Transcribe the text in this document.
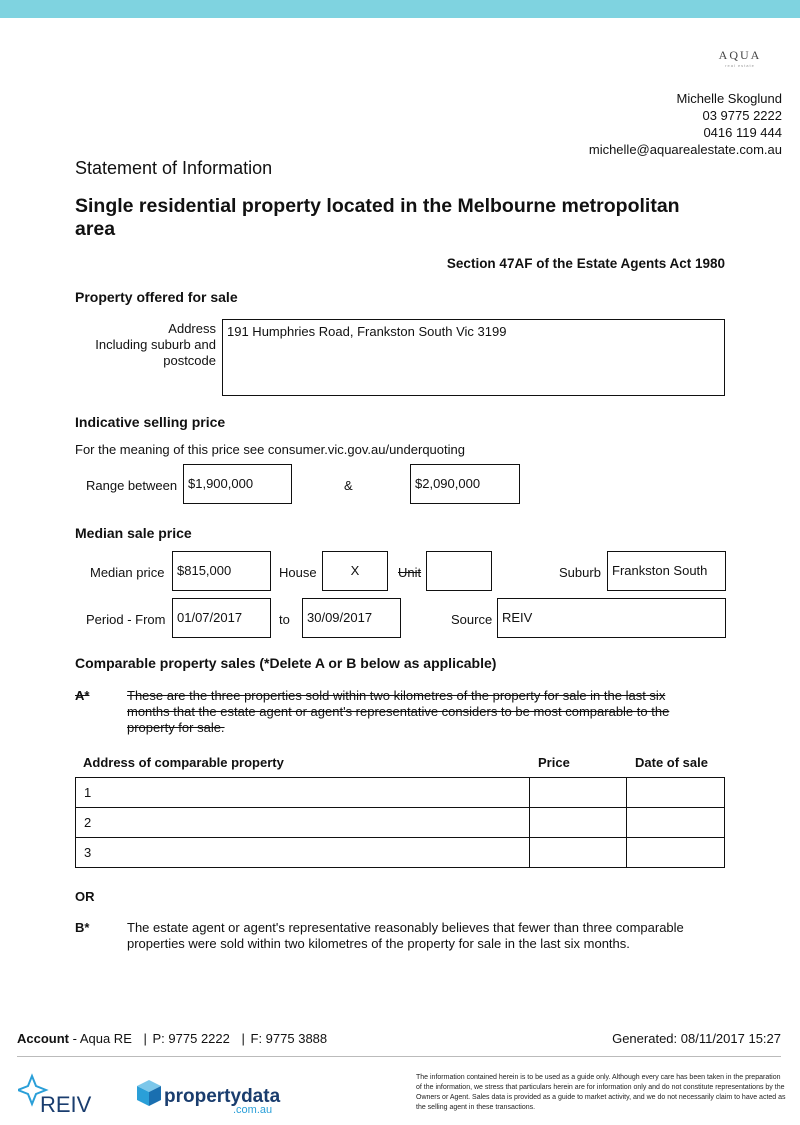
AQUA
real estate
Michelle Skoglund
03 9775 2222
0416 119 444
michelle@aquarealestate.com.au
Statement of Information
Single residential property located in the Melbourne metropolitan area
Section 47AF of the Estate Agents Act 1980
Property offered for sale
Address
Including suburb and
postcode
191 Humphries Road, Frankston South Vic 3199
Indicative selling price
For the meaning of this price see consumer.vic.gov.au/underquoting
Range between $1,900,000	&	$2,090,000
Median sale price
Median price $815,000	House	X	Unit	Suburb Frankston South
Period - From 01/07/2017	to	30/09/2017	Source REIV
Comparable property sales (*Delete A or B below as applicable)
A*	These are the three properties sold within two kilometres of the property for sale in the last six
months that the estate agent or agent's representative considers to be most comparable to the
property for sale.
Address of comparable property	Price	Date of sale
1		
2		
3		
OR
B*	The estate agent or agent's representative reasonably believes that fewer than three comparable
properties were sold within two kilometres of the property for sale in the last six months.
Account - Aqua RE | P: 9775 2222 | F: 9775 3888	Generated: 08/11/2017 15:27
REIV	propertydata
.com.au
The information contained herein is to be used as a guide only. Although every care has been taken in the preparation of the information, we stress that particulars herein are for information only and do not constitute representations by the Owners or Agent. Sales data is provided as a guide to market activity, and we do not necessarily claim to have acted as the selling agent in these transactions.
